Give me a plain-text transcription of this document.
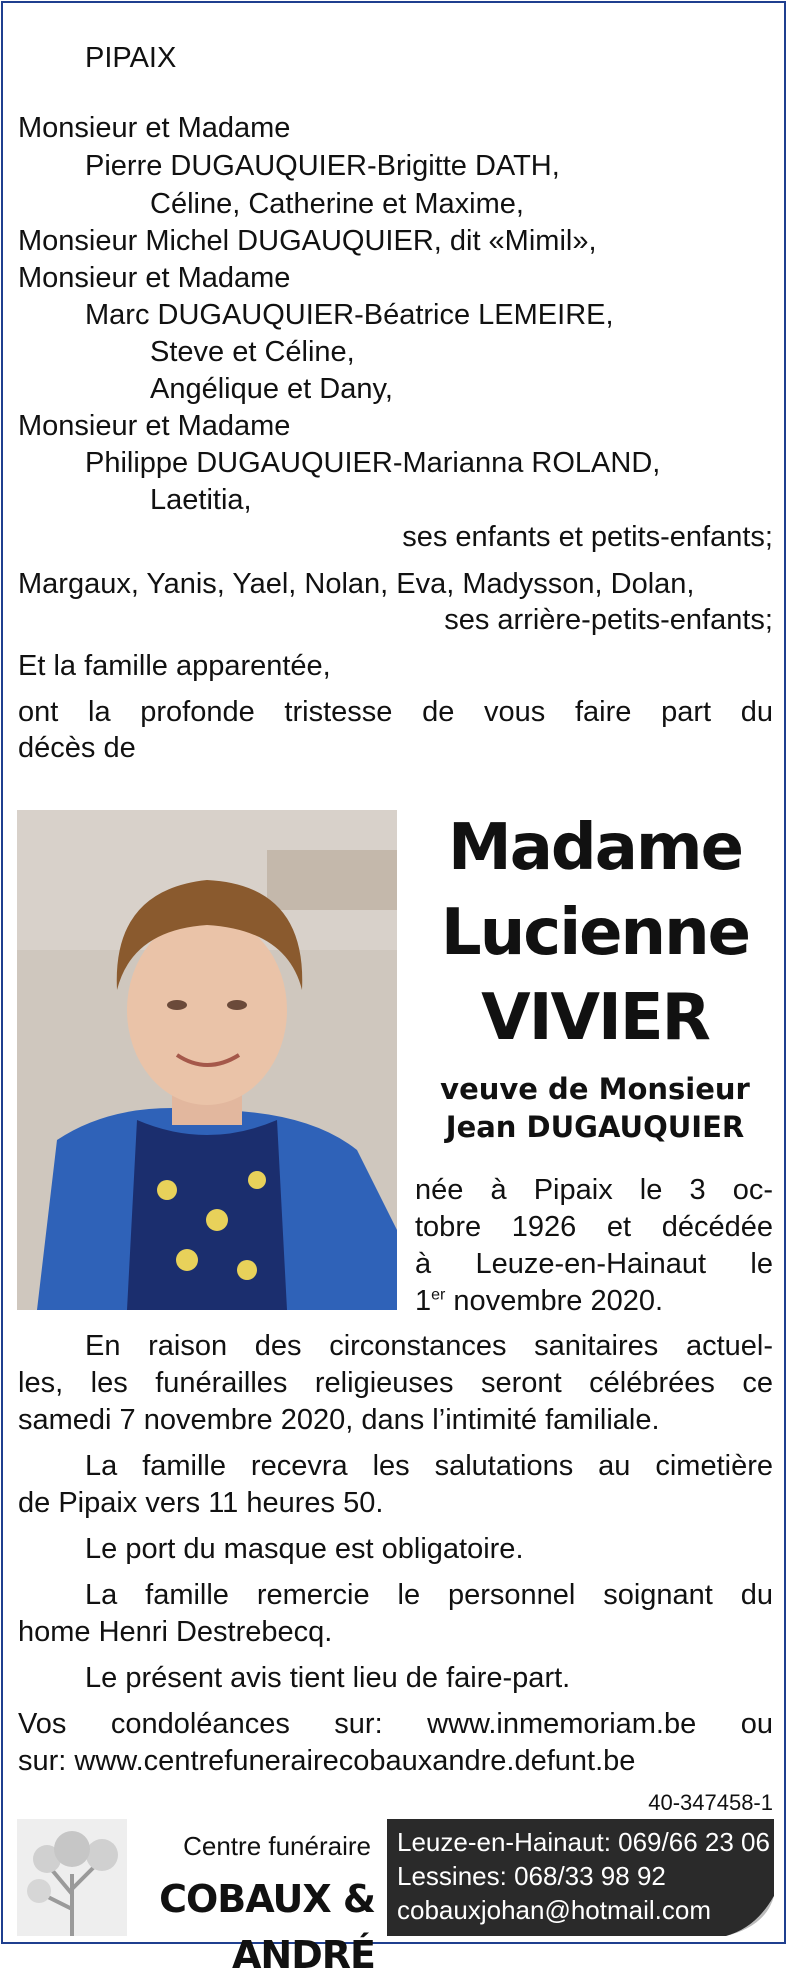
PIPAIX
Monsieur et Madame
Pierre DUGAUQUIER-Brigitte DATH,
Céline, Catherine et Maxime,
Monsieur Michel DUGAUQUIER, dit «Mimil»,
Monsieur et Madame
Marc DUGAUQUIER-Béatrice LEMEIRE,
Steve et Céline,
Angélique et Dany,
Monsieur et Madame
Philippe DUGAUQUIER-Marianna ROLAND,
Laetitia,
ses enfants et petits-enfants;
Margaux, Yanis, Yael, Nolan, Eva, Madysson, Dolan,
ses arrière-petits-enfants;
Et la famille apparentée,
ont la profonde tristesse de vous faire part du
décès de
Madame
Lucienne
VIVIER
veuve de Monsieur
Jean DUGAUQUIER
née à Pipaix le 3 oc-
tobre 1926 et décédée
à Leuze-en-Hainaut le
1er novembre 2020.
En raison des circonstances sanitaires actuel-
les, les funérailles religieuses seront célébrées ce
samedi 7 novembre 2020, dans l’intimité familiale.
La famille recevra les salutations au cimetière
de Pipaix vers 11 heures 50.
Le port du masque est obligatoire.
La famille remercie le personnel soignant du
home Henri Destrebecq.
Le présent avis tient lieu de faire-part.
Vos condoléances sur: www.inmemoriam.be ou
sur: www.centrefunerairecobauxandre.defunt.be
40-347458-1
Centre funéraire
COBAUX & ANDRÉ
Leuze-en-Hainaut: 069/66 23 06
Lessines: 068/33 98 92
cobauxjohan@hotmail.com
